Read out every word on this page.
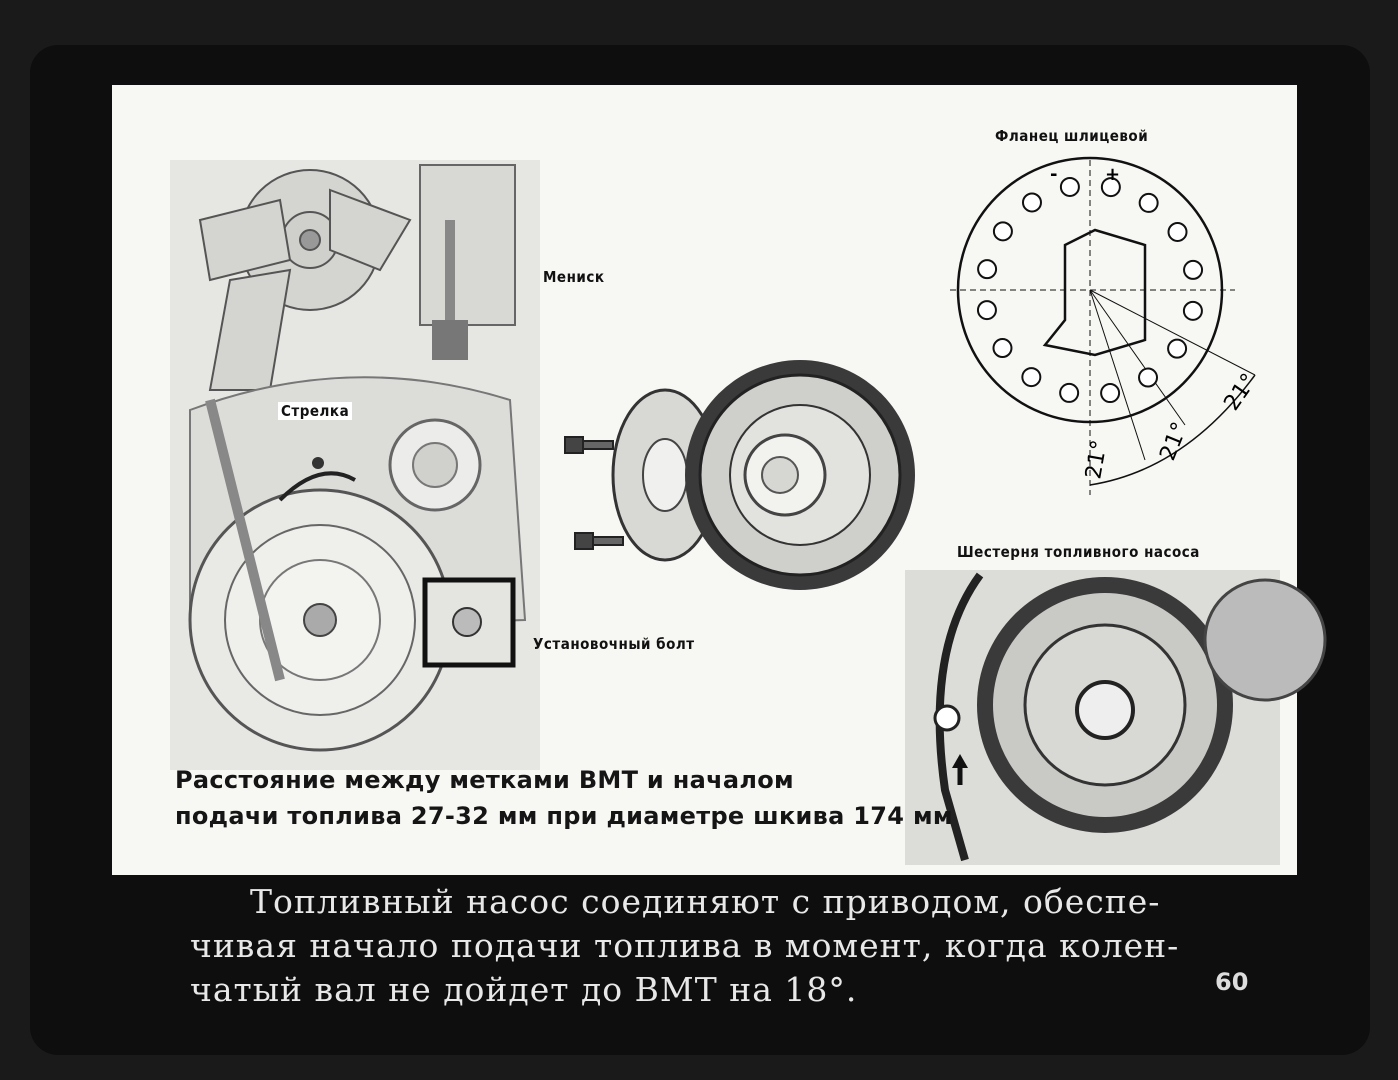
-	+
21° 21°
21°
Мениск
Стрелка
Установочный болт
Фланец шлицевой
Шестерня топливного насоса
Расстояние между метками ВМТ и началом
подачи топлива 27-32 мм при диаметре шкива 174 мм
Топливный насос соединяют с приводом, обеспе-
чивая начало подачи топлива в момент, когда колен-
чатый вал не дойдет до ВМТ на 18°.	60
